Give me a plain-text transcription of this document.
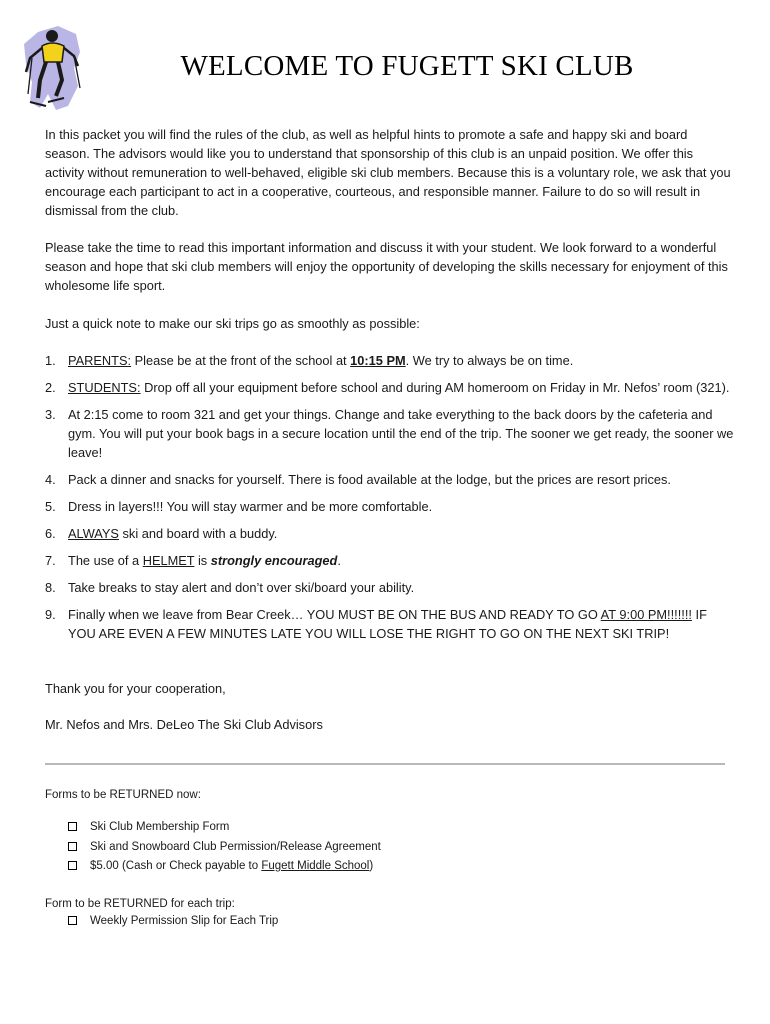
WELCOME TO FUGETT SKI CLUB
In this packet you will find the rules of the club, as well as helpful hints to promote a safe and happy ski and board season. The advisors would like you to understand that sponsorship of this club is an unpaid position. We offer this activity without remuneration to well-behaved, eligible ski club members. Because this is a voluntary role, we ask that you encourage each participant to act in a cooperative, courteous, and responsible manner. Failure to do so will result in dismissal from the club.
Please take the time to read this important information and discuss it with your student. We look forward to a wonderful season and hope that ski club members will enjoy the opportunity of developing the skills necessary for enjoyment of this wholesome life sport.
Just a quick note to make our ski trips go as smoothly as possible:
1. PARENTS: Please be at the front of the school at 10:15 PM. We try to always be on time.
2. STUDENTS: Drop off all your equipment before school and during AM homeroom on Friday in Mr. Nefos’ room (321).
3. At 2:15 come to room 321 and get your things. Change and take everything to the back doors by the cafeteria and gym. You will put your book bags in a secure location until the end of the trip. The sooner we get ready, the sooner we leave!
4. Pack a dinner and snacks for yourself. There is food available at the lodge, but the prices are resort prices.
5. Dress in layers!!! You will stay warmer and be more comfortable.
6. ALWAYS ski and board with a buddy.
7. The use of a HELMET is strongly encouraged.
8. Take breaks to stay alert and don’t over ski/board your ability.
9. Finally when we leave from Bear Creek… YOU MUST BE ON THE BUS AND READY TO GO AT 9:00 PM!!!!!!! IF YOU ARE EVEN A FEW MINUTES LATE YOU WILL LOSE THE RIGHT TO GO ON THE NEXT SKI TRIP!
Thank you for your cooperation,
Mr. Nefos and Mrs. DeLeo The Ski Club Advisors
Forms to be RETURNED now:
Ski Club Membership Form
Ski and Snowboard Club Permission/Release Agreement
$5.00 (Cash or Check payable to Fugett Middle School)
Form to be RETURNED for each trip:
Weekly Permission Slip for Each Trip
